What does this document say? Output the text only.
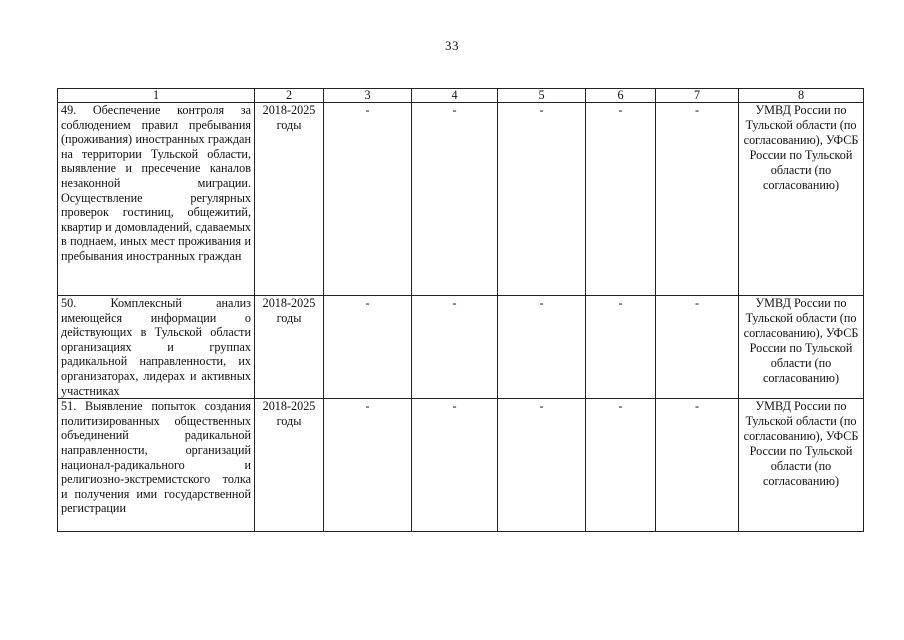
33
1	2	3	4	5	6	7	8
49. Обеспечение контроля за соблюдением правил пребывания (проживания) иностранных граждан на территории Тульской области, выявление и пресечение каналов незаконной миграции. Осуществление регулярных проверок гостиниц, общежитий, квартир и домовладений, сдаваемых в поднаем, иных мест проживания и пребывания иностранных граждан	2018-2025 годы	-	-	-	-	-	УМВД России по Тульской области (по согласованию), УФСБ России по Тульской области (по согласованию)
50. Комплексный анализ имеющейся информации о действующих в Тульской области организациях и группах радикальной направленности, их организаторах, лидерах и активных участниках	2018-2025 годы	-	-	-	-	-	УМВД России по Тульской области (по согласованию), УФСБ России по Тульской области (по согласованию)
51. Выявление попыток создания политизированных общественных объединений радикальной направленности, организаций национал-радикального и религиозно-экстремистского толка и получения ими государственной регистрации	2018-2025 годы	-	-	-	-	-	УМВД России по Тульской области (по согласованию), УФСБ России по Тульской области (по согласованию)
